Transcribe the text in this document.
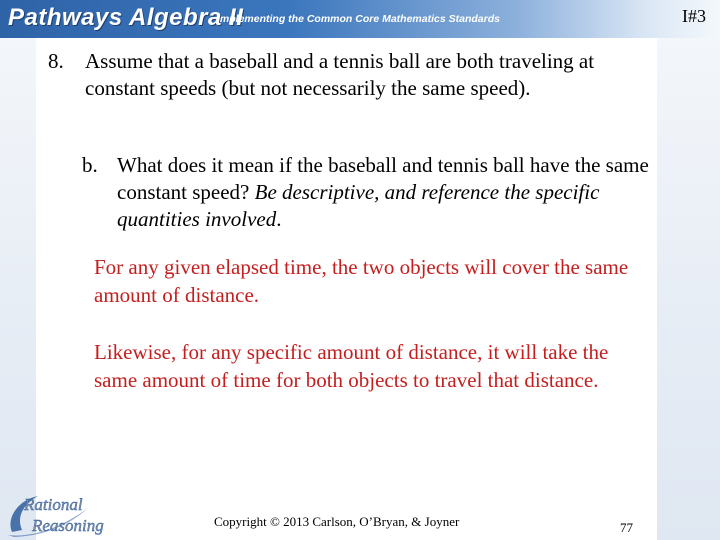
Pathways Algebra II
Implementing the Common Core Mathematics Standards	I#3
8. Assume that a baseball and a tennis ball are both traveling at constant speeds (but not necessarily the same speed).
b. What does it mean if the baseball and tennis ball have the same constant speed? Be descriptive, and reference the specific quantities involved.
For any given elapsed time, the two objects will cover the same amount of distance.
Likewise, for any specific amount of distance, it will take the same amount of time for both objects to travel that distance.
Rational
Reasoning	Copyright © 2013 Carlson, O’Bryan, & Joyner	77
